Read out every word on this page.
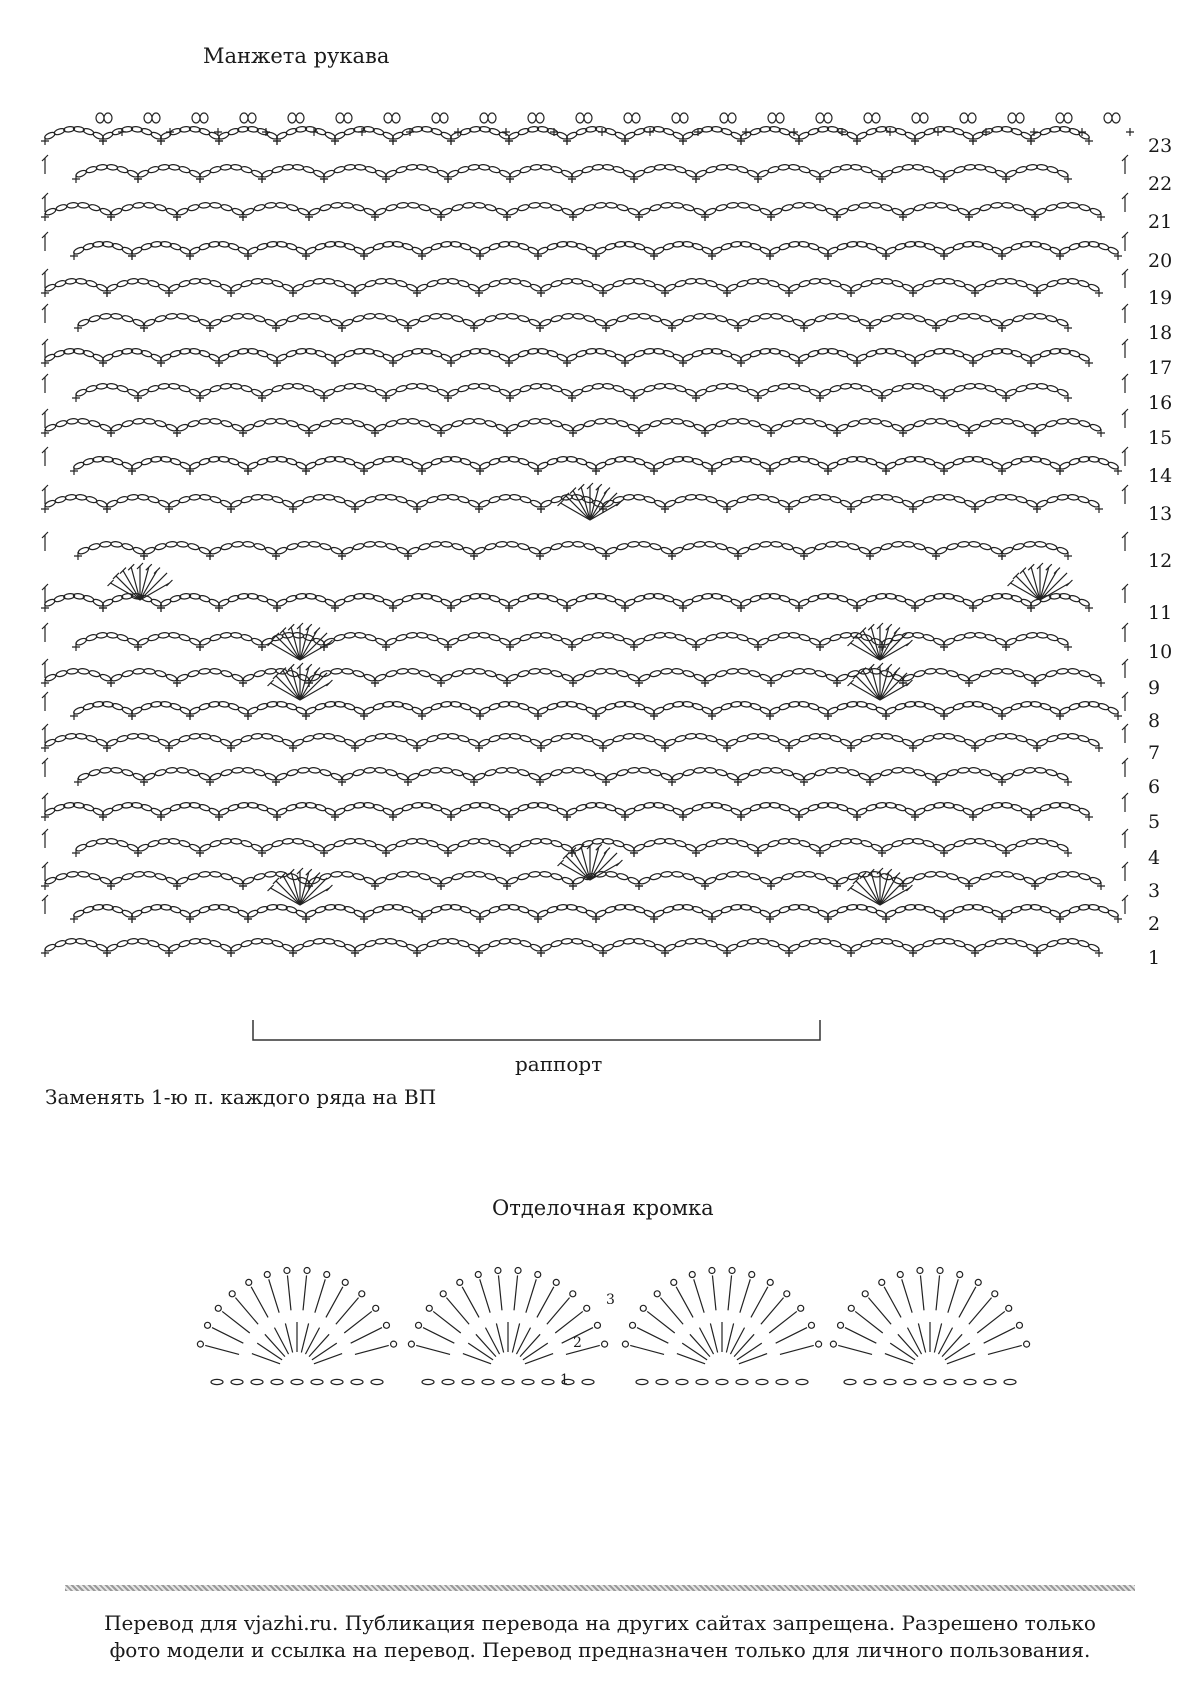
Манжета рукава
23
22
21
20
19
18
17
16
15
14
13
12
11
10
9
8
7
6
5
4
3
2
1
раппорт
Заменять 1-ю п. каждого ряда на ВП
Отделочная кромка
1
2
3
Перевод для vjazhi.ru. Публикация перевода на других сайтах запрещена. Разрешено только
фото модели и ссылка на перевод. Перевод предназначен только для личного пользования.
